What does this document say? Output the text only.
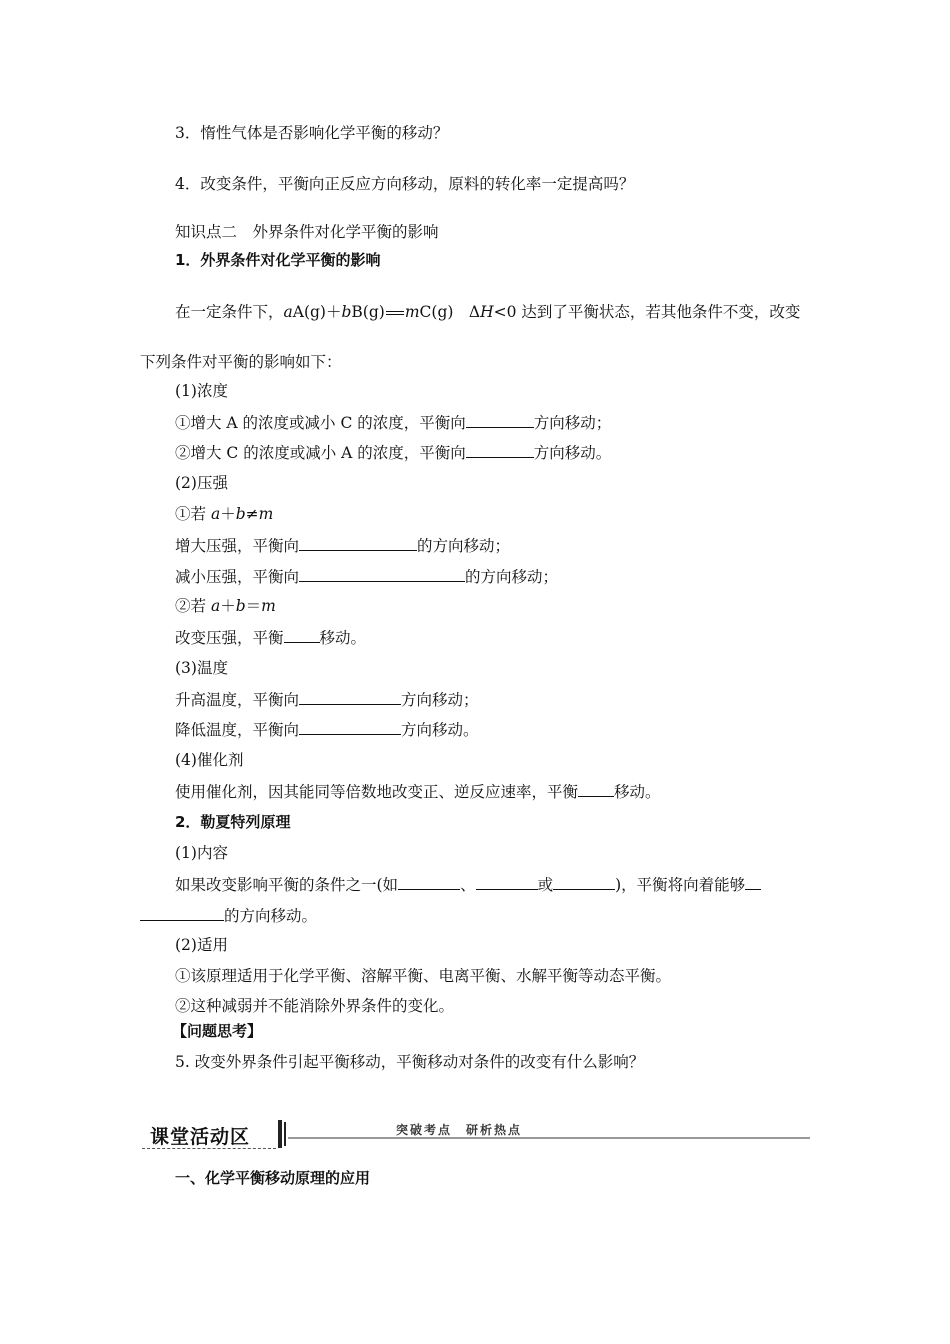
3．惰性气体是否影响化学平衡的移动？
4．改变条件，平衡向正反应方向移动，原料的转化率一定提高吗？
知识点二　外界条件对化学平衡的影响
1．外界条件对化学平衡的影响
在一定条件下，aA(g)＋bB(g) mC(g)　ΔH<0 达到了平衡状态，若其他条件不变，改变
下列条件对平衡的影响如下：
(1)浓度
①增大 A 的浓度或减小 C 的浓度，平衡向	方向移动；
②增大 C 的浓度或减小 A 的浓度，平衡向	方向移动。
(2)压强
①若 a＋b≠m
增大压强，平衡向	的方向移动；
减小压强，平衡向	的方向移动；
②若 a＋b＝m
改变压强，平衡 移动。
(3)温度
升高温度，平衡向	方向移动；
降低温度，平衡向	方向移动。
(4)催化剂
使用催化剂，因其能同等倍数地改变正、逆反应速率，平衡 移动。
2．勒夏特列原理
(1)内容
如果改变影响平衡的条件之一(如	、	或	)，平衡将向着能够
的方向移动。
(2)适用
①该原理适用于化学平衡、溶解平衡、电离平衡、水解平衡等动态平衡。
②这种减弱并不能消除外界条件的变化。
【问题思考】
5. 改变外界条件引起平衡移动，平衡移动对条件的改变有什么影响？
课堂活动区	突破考点　研析热点
一、化学平衡移动原理的应用
